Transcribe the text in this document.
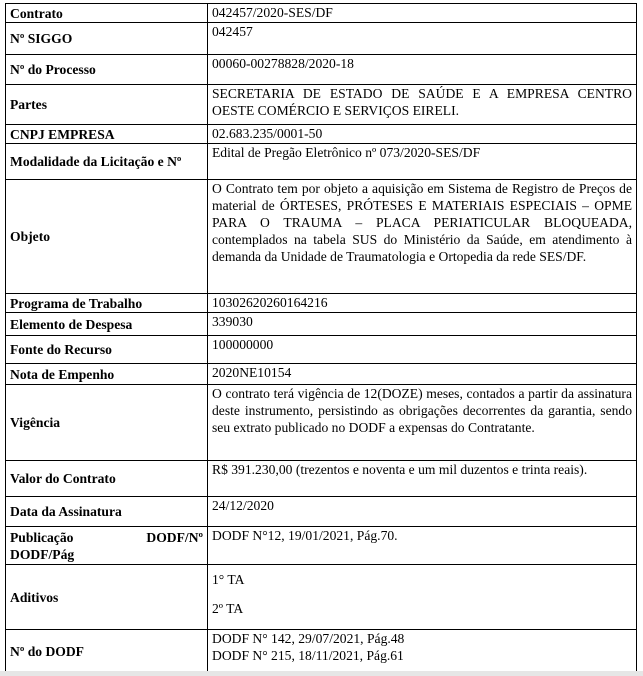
Contrato	042457/2020-SES/DF
Nº SIGGO	042457
Nº do Processo	00060-00278828/2020-18
Partes	SECRETARIA DE ESTADO DE SAÚDE E A EMPRESA CENTRO OESTE COMÉRCIO E SERVIÇOS EIRELI.
CNPJ EMPRESA	02.683.235/0001-50
Modalidade da Licitação e Nº	Edital de Pregão Eletrônico nº 073/2020-SES/DF
Objeto	O Contrato tem por objeto a aquisição em Sistema de Registro de Preços de material de ÓRTESES, PRÓTESES E MATERIAIS ESPECIAIS – OPME PARA O TRAUMA – PLACA PERIATICULAR BLOQUEADA, contemplados na tabela SUS do Ministério da Saúde, em atendimento à demanda da Unidade de Traumatologia e Ortopedia da rede SES/DF.
Programa de Trabalho	10302620260164216
Elemento de Despesa	339030
Fonte do Recurso	100000000
Nota de Empenho	2020NE10154
Vigência	O contrato terá vigência de 12(DOZE) meses, contados a partir da assinatura deste instrumento, persistindo as obrigações decorrentes da garantia, sendo seu extrato publicado no DODF a expensas do Contratante.
Valor do Contrato	R$ 391.230,00 (trezentos e noventa e um mil duzentos e trinta reais).
Data da Assinatura	24/12/2020

Publicação DODF/Nº
DODF/Pág	DODF N°12, 19/01/2021, Pág.70.
Aditivos	1° TA
2º TA

Nº do DODF	DODF N° 142, 29/07/2021, Pág.48
DODF N° 215, 18/11/2021, Pág.61
